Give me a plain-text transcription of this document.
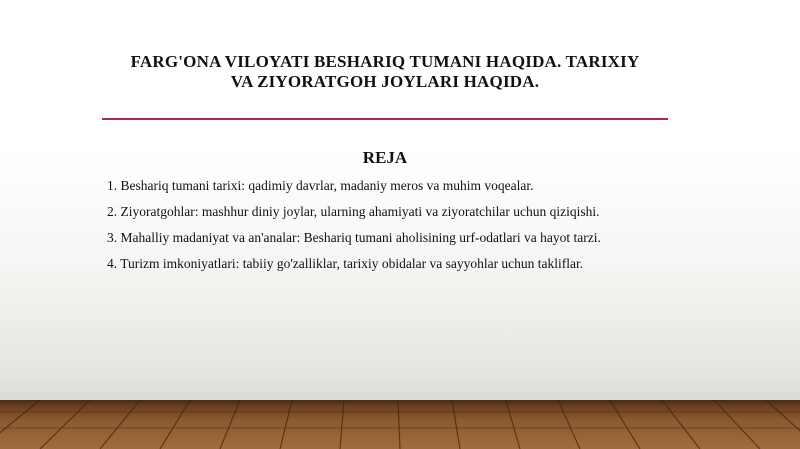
FARG'ONA VILOYATI BESHARIQ TUMANI HAQIDA. TARIXIY
VA ZIYORATGOH JOYLARI HAQIDA.
REJA
1. Beshariq tumani tarixi: qadimiy davrlar, madaniy meros va muhim voqealar.
2. Ziyoratgohlar: mashhur diniy joylar, ularning ahamiyati va ziyoratchilar uchun qiziqishi.
3. Mahalliy madaniyat va an'analar: Beshariq tumani aholisining urf-odatlari va hayot tarzi.
4. Turizm imkoniyatlari: tabiiy go'zalliklar, tarixiy obidalar va sayyohlar uchun takliflar.
